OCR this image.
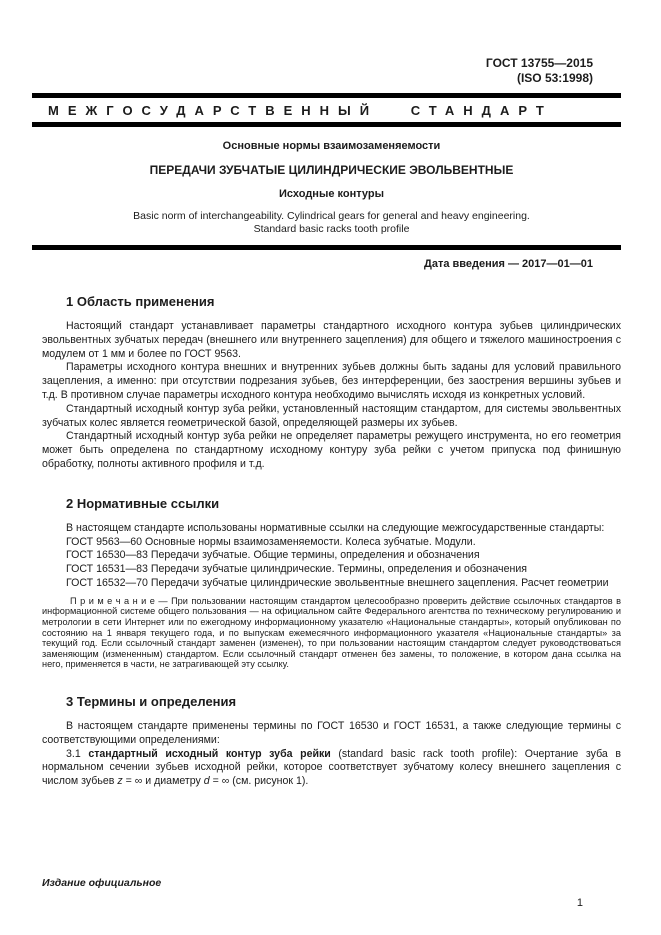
ГОСТ 13755—2015
(ISO 53:1998)
МЕЖГОСУДАРСТВЕННЫЙ СТАНДАРТ
Основные нормы взаимозаменяемости
ПЕРЕДАЧИ ЗУБЧАТЫЕ ЦИЛИНДРИЧЕСКИЕ ЭВОЛЬВЕНТНЫЕ
Исходные контуры
Basic norm of interchangeability. Cylindrical gears for general and heavy engineering.
Standard basic racks tooth profile
Дата введения — 2017—01—01
1 Область применения

Настоящий стандарт устанавливает параметры стандартного исходного контура зубьев цилиндрических эвольвентных зубчатых передач (внешнего или внутреннего зацепления) для общего и тяжелого машиностроения с модулем от 1 мм и более по ГОСТ 9563.

Параметры исходного контура внешних и внутренних зубьев должны быть заданы для условий правильного зацепления, а именно: при отсутствии подрезания зубьев, без интерференции, без заострения вершины зубьев и т.д. В противном случае параметры исходного контура необходимо вычислять исходя из конкретных условий.

Стандартный исходный контур зуба рейки, установленный настоящим стандартом, для системы эвольвентных зубчатых колес является геометрической базой, определяющей размеры их зубьев.

Стандартный исходный контур зуба рейки не определяет параметры режущего инструмента, но его геометрия может быть определена по стандартному исходному контуру зуба рейки с учетом припуска под финишную обработку, полноты активного профиля и т.д.

2 Нормативные ссылки

В настоящем стандарте использованы нормативные ссылки на следующие межгосударственные стандарты:

ГОСТ 9563—60 Основные нормы взаимозаменяемости. Колеса зубчатые. Модули.

ГОСТ 16530—83 Передачи зубчатые. Общие термины, определения и обозначения

ГОСТ 16531—83 Передачи зубчатые цилиндрические. Термины, определения и обозначения

ГОСТ 16532—70 Передачи зубчатые цилиндрические эвольвентные внешнего зацепления. Расчет геометрии

П р и м е ч а н и е — При пользовании настоящим стандартом целесообразно проверить действие ссылочных стандартов в информационной системе общего пользования — на официальном сайте Федерального агентства по техническому регулированию и метрологии в сети Интернет или по ежегодному информационному указателю «Национальные стандарты», который опубликован по состоянию на 1 января текущего года, и по выпускам ежемесячного информационного указателя «Национальные стандарты» за текущий год. Если ссылочный стандарт заменен (изменен), то при пользовании настоящим стандартом следует руководствоваться заменяющим (измененным) стандартом. Если ссылочный стандарт отменен без замены, то положение, в котором дана ссылка на него, применяется в части, не затрагивающей эту ссылку.

3 Термины и определения

В настоящем стандарте применены термины по ГОСТ 16530 и ГОСТ 16531, а также следующие термины с соответствующими определениями:

3.1 стандартный исходный контур зуба рейки (standard basic rack tooth profile): Очертание зуба в нормальном сечении зубьев исходной рейки, которое соответствует зубчатому колесу внешнего зацепления с числом зубьев z = ∞ и диаметру d = ∞ (см. рисунок 1).

Издание официальное
1
